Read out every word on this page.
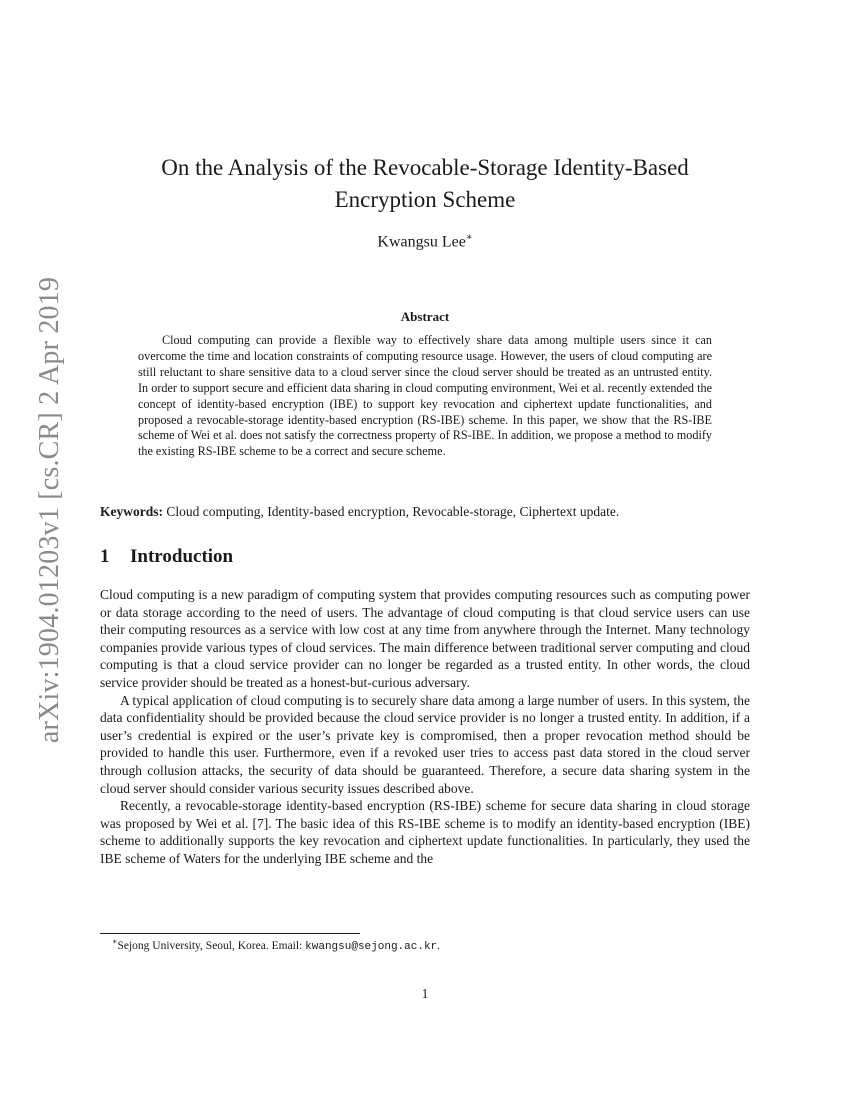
arXiv:1904.01203v1 [cs.CR] 2 Apr 2019
On the Analysis of the Revocable-Storage Identity-Based
Encryption Scheme
Kwangsu Lee∗
Abstract

Cloud computing can provide a flexible way to effectively share data among multiple users since it can overcome the time and location constraints of computing resource usage. However, the users of cloud computing are still reluctant to share sensitive data to a cloud server since the cloud server should be treated as an untrusted entity. In order to support secure and efficient data sharing in cloud computing environment, Wei et al. recently extended the concept of identity-based encryption (IBE) to support key revocation and ciphertext update functionalities, and proposed a revocable-storage identity-based encryption (RS-IBE) scheme. In this paper, we show that the RS-IBE scheme of Wei et al. does not satisfy the correctness property of RS-IBE. In addition, we propose a method to modify the existing RS-IBE scheme to be a correct and secure scheme.

Keywords: Cloud computing, Identity-based encryption, Revocable-storage, Ciphertext update.

1 Introduction

Cloud computing is a new paradigm of computing system that provides computing resources such as computing power or data storage according to the need of users. The advantage of cloud computing is that cloud service users can use their computing resources as a service with low cost at any time from anywhere through the Internet. Many technology companies provide various types of cloud services. The main difference between traditional server computing and cloud computing is that a cloud service provider can no longer be regarded as a trusted entity. In other words, the cloud service provider should be treated as a honest-but-curious adversary.

A typical application of cloud computing is to securely share data among a large number of users. In this system, the data confidentiality should be provided because the cloud service provider is no longer a trusted entity. In addition, if a user’s credential is expired or the user’s private key is compromised, then a proper revocation method should be provided to handle this user. Furthermore, even if a revoked user tries to access past data stored in the cloud server through collusion attacks, the security of data should be guaranteed. Therefore, a secure data sharing system in the cloud server should consider various security issues described above.

Recently, a revocable-storage identity-based encryption (RS-IBE) scheme for secure data sharing in cloud storage was proposed by Wei et al. [7]. The basic idea of this RS-IBE scheme is to modify an identity-based encryption (IBE) scheme to additionally supports the key revocation and ciphertext update functionalities. In particularly, they used the IBE scheme of Waters for the underlying IBE scheme and the

∗Sejong University, Seoul, Korea. Email: kwangsu@sejong.ac.kr.

1
